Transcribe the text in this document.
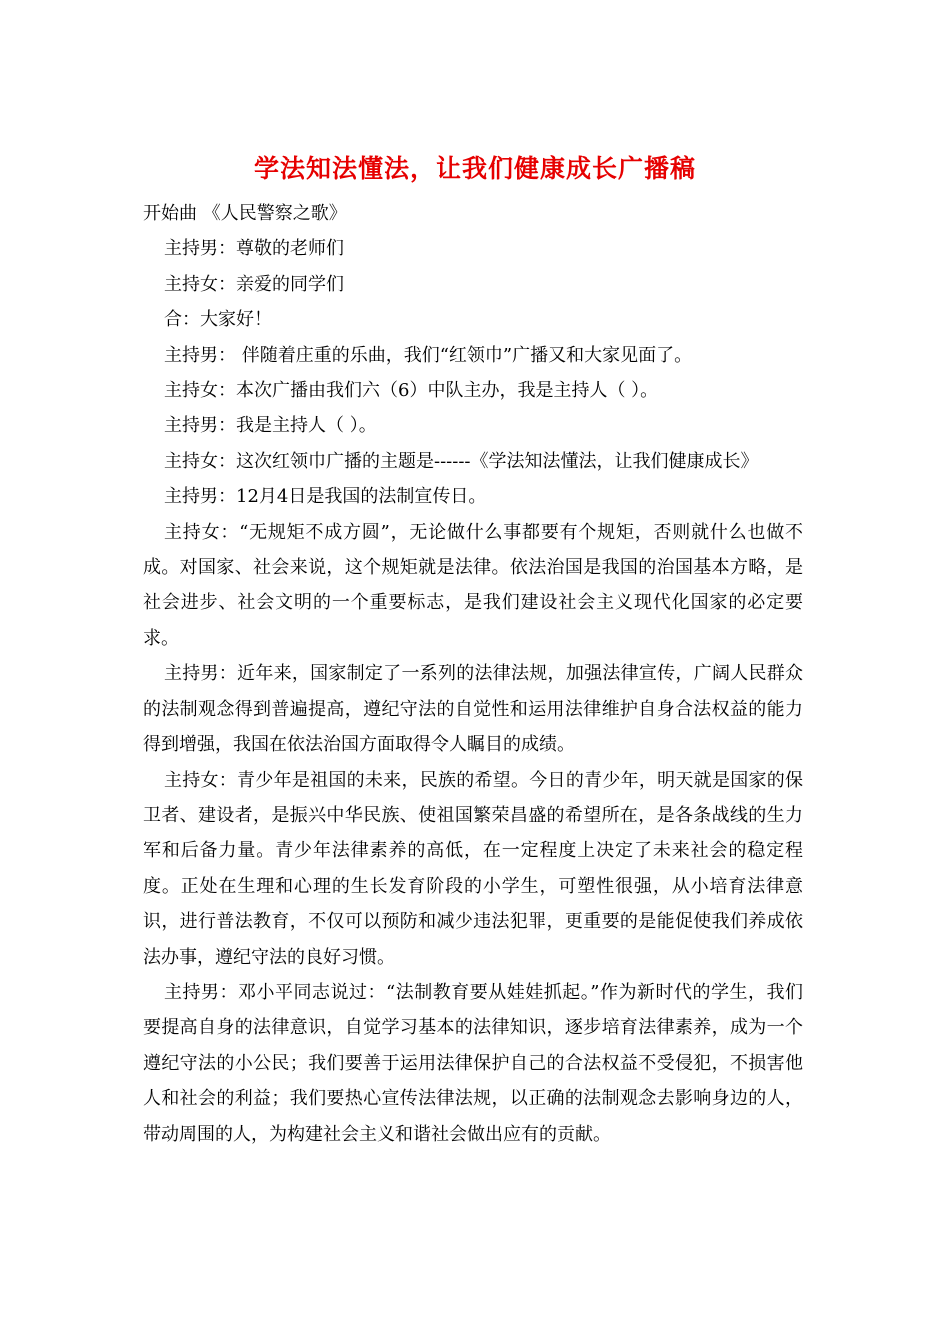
学法知法懂法，让我们健康成长广播稿

开始曲 《人民警察之歌》

主持男：尊敬的老师们

主持女：亲爱的同学们

合：大家好！

主持男： 伴随着庄重的乐曲，我们“红领巾”广播又和大家见面了。

主持女：本次广播由我们六（6）中队主办，我是主持人（ ）。

主持男：我是主持人（ ）。

主持女：这次红领巾广播的主题是------《学法知法懂法，让我们健康成长》

主持男：12月4日是我国的法制宣传日。

主持女：“无规矩不成方圆”，无论做什么事都要有个规矩，否则就什么也做不成。对国家、社会来说，这个规矩就是法律。依法治国是我国的治国基本方略，是社会进步、社会文明的一个重要标志，是我们建设社会主义现代化国家的必定要求。

主持男：近年来，国家制定了一系列的法律法规，加强法律宣传，广阔人民群众的法制观念得到普遍提高，遵纪守法的自觉性和运用法律维护自身合法权益的能力得到增强，我国在依法治国方面取得令人瞩目的成绩。

主持女：青少年是祖国的未来，民族的希望。今日的青少年，明天就是国家的保卫者、建设者，是振兴中华民族、使祖国繁荣昌盛的希望所在，是各条战线的生力军和后备力量。青少年法律素养的高低，在一定程度上决定了未来社会的稳定程度。正处在生理和心理的生长发育阶段的小学生，可塑性很强，从小培育法律意识，进行普法教育，不仅可以预防和减少违法犯罪，更重要的是能促使我们养成依法办事，遵纪守法的良好习惯。

主持男：邓小平同志说过：“法制教育要从娃娃抓起。”作为新时代的学生，我们要提高自身的法律意识，自觉学习基本的法律知识，逐步培育法律素养，成为一个遵纪守法的小公民；我们要善于运用法律保护自己的合法权益不受侵犯，不损害他人和社会的利益；我们要热心宣传法律法规，以正确的法制观念去影响身边的人，带动周围的人，为构建社会主义和谐社会做出应有的贡献。
